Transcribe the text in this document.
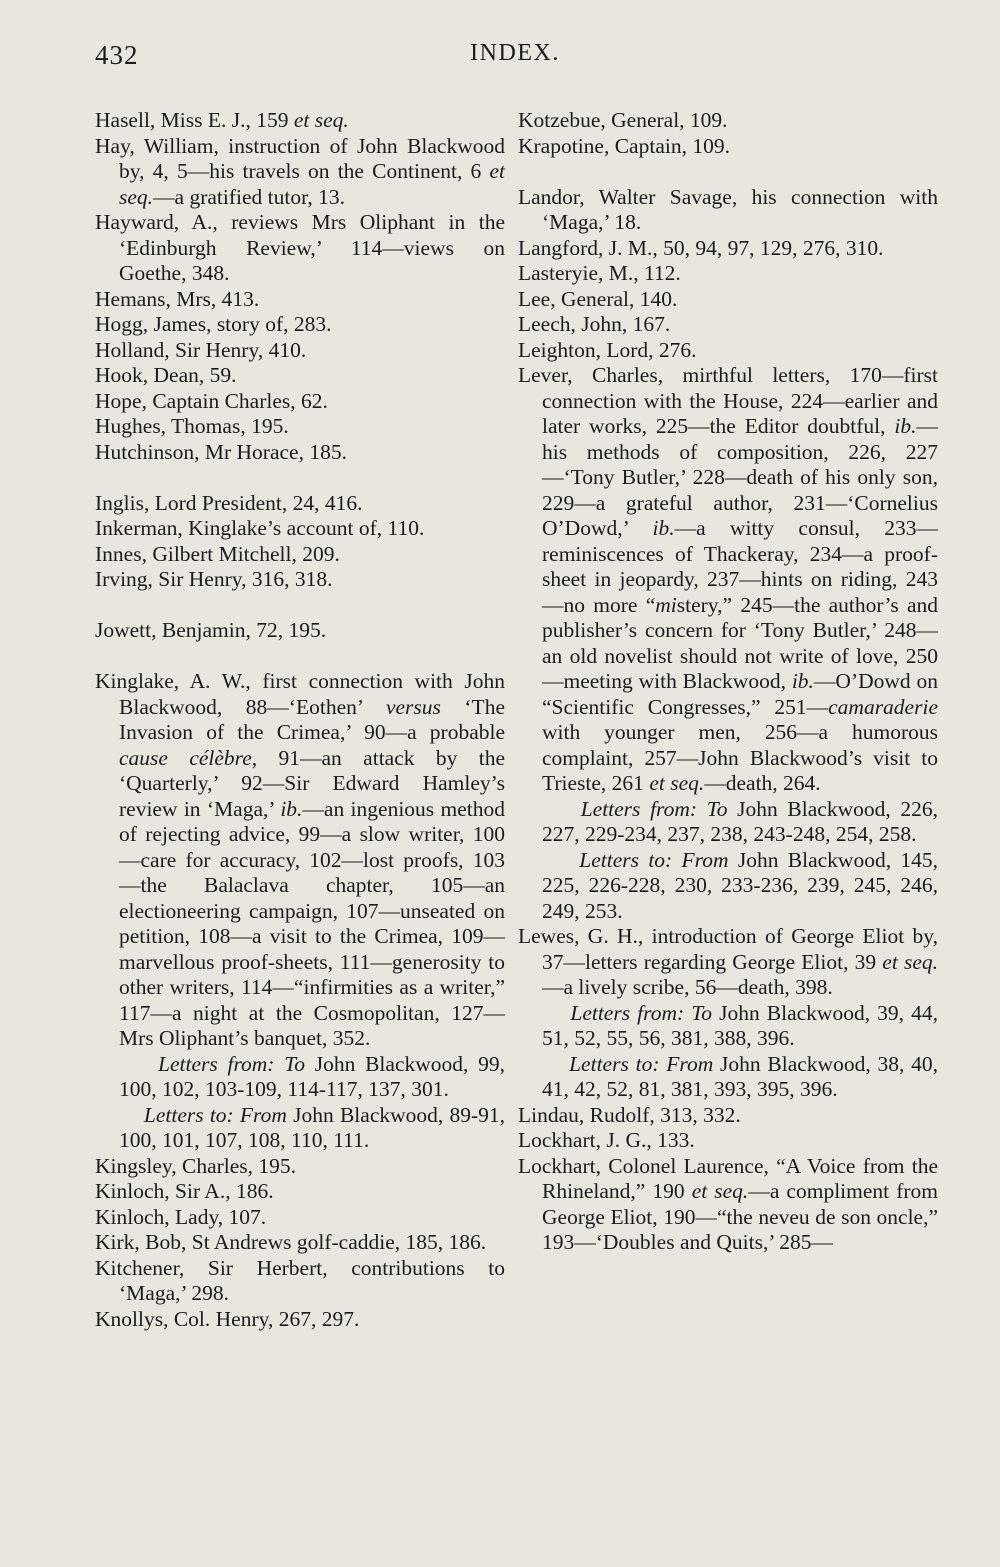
432	INDEX.
Hasell, Miss E. J., 159 et seq.
Hay, William, instruction of John Blackwood by, 4, 5—his travels on the Continent, 6 et seq.—a gratified tutor, 13.
Hayward, A., reviews Mrs Oliphant in the ‘Edinburgh Review,’ 114—views on Goethe, 348.
Hemans, Mrs, 413.
Hogg, James, story of, 283.
Holland, Sir Henry, 410.
Hook, Dean, 59.
Hope, Captain Charles, 62.
Hughes, Thomas, 195.
Hutchinson, Mr Horace, 185.
Inglis, Lord President, 24, 416.
Inkerman, Kinglake’s account of, 110.
Innes, Gilbert Mitchell, 209.
Irving, Sir Henry, 316, 318.
Jowett, Benjamin, 72, 195.
Kinglake, A. W., first connection with John Blackwood, 88—‘Eothen’ versus ‘The Invasion of the Crimea,’ 90—a probable cause célèbre, 91—an attack by the ‘Quarterly,’ 92—Sir Edward Hamley’s review in ‘Maga,’ ib.—an ingenious method of rejecting advice, 99—a slow writer, 100—care for accuracy, 102—lost proofs, 103—the Balaclava chapter, 105—an electioneering campaign, 107—unseated on petition, 108—a visit to the Crimea, 109—marvellous proof-sheets, 111—generosity to other writers, 114—“infirmities as a writer,” 117—a night at the Cosmopolitan, 127—Mrs Oliphant’s banquet, 352.
Letters from: To John Blackwood, 99, 100, 102, 103-109, 114-117, 137, 301.
Letters to: From John Blackwood, 89-91, 100, 101, 107, 108, 110, 111.
Kingsley, Charles, 195.
Kinloch, Sir A., 186.
Kinloch, Lady, 107.
Kirk, Bob, St Andrews golf-caddie, 185, 186.
Kitchener, Sir Herbert, contributions to ‘Maga,’ 298.
Knollys, Col. Henry, 267, 297.
Kotzebue, General, 109.
Krapotine, Captain, 109.
Landor, Walter Savage, his connection with ‘Maga,’ 18.
Langford, J. M., 50, 94, 97, 129, 276, 310.
Lasteryie, M., 112.
Lee, General, 140.
Leech, John, 167.
Leighton, Lord, 276.
Lever, Charles, mirthful letters, 170—first connection with the House, 224—earlier and later works, 225—the Editor doubtful, ib.—his methods of composition, 226, 227—‘Tony Butler,’ 228—death of his only son, 229—a grateful author, 231—‘Cornelius O’Dowd,’ ib.—a witty consul, 233—reminiscences of Thackeray, 234—a proof-sheet in jeopardy, 237—hints on riding, 243—no more “mistery,” 245—the author’s and publisher’s concern for ‘Tony Butler,’ 248—an old novelist should not write of love, 250—meeting with Blackwood, ib.—O’Dowd on “Scientific Congresses,” 251—camaraderie with younger men, 256—a humorous complaint, 257—John Blackwood’s visit to Trieste, 261 et seq.—death, 264.
Letters from: To John Blackwood, 226, 227, 229-234, 237, 238, 243-248, 254, 258.
Letters to: From John Blackwood, 145, 225, 226-228, 230, 233-236, 239, 245, 246, 249, 253.
Lewes, G. H., introduction of George Eliot by, 37—letters regarding George Eliot, 39 et seq.—a lively scribe, 56—death, 398.
Letters from: To John Blackwood, 39, 44, 51, 52, 55, 56, 381, 388, 396.
Letters to: From John Blackwood, 38, 40, 41, 42, 52, 81, 381, 393, 395, 396.
Lindau, Rudolf, 313, 332.
Lockhart, J. G., 133.
Lockhart, Colonel Laurence, “A Voice from the Rhineland,” 190 et seq.—a compliment from George Eliot, 190—“the neveu de son oncle,” 193—‘Doubles and Quits,’ 285—
